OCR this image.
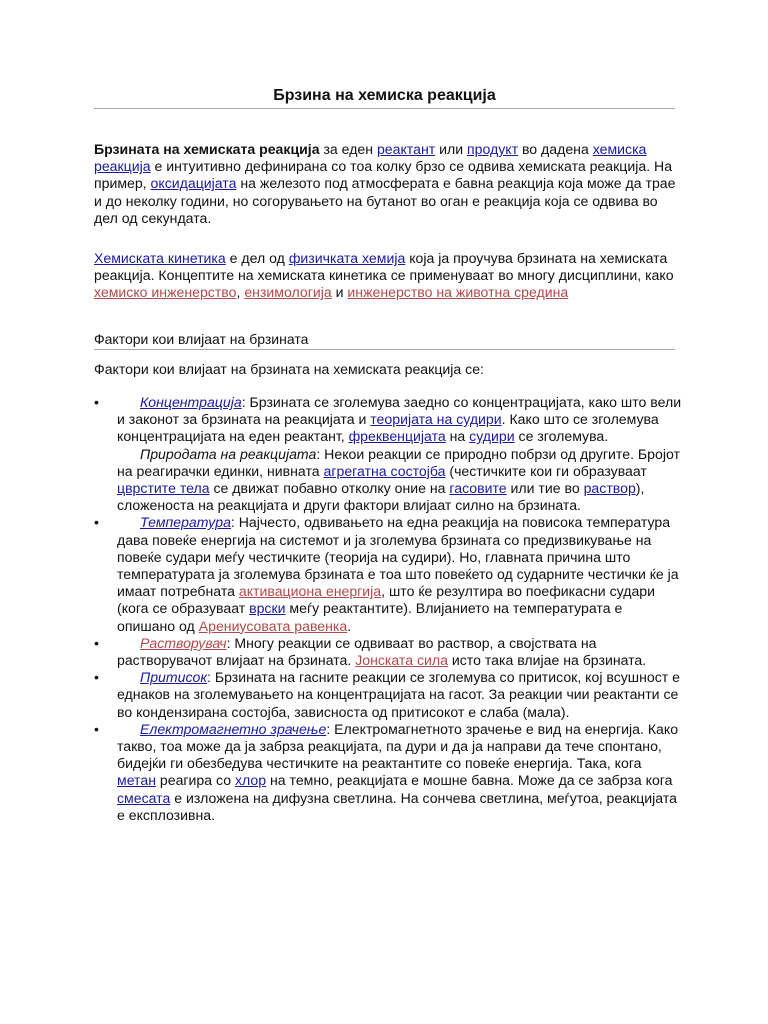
Брзина на хемиска реакција

Брзината на хемиската реакција за еден реактант или продукт во дадена хемиска реакција е интуитивно дефинирана со тоа колку брзо се одвива хемиската реакција. На пример, оксидацијата на железото под атмосферата е бавна реакција која може да трае и до неколку години, но согорувањето на бутанот во оган е реакција која се одвива во дел од секундата.

Хемиската кинетика е дел од физичката хемија која ја проучува брзината на хемиската реакција. Концептите на хемиската кинетика се применуваат во многу дисциплини, како хемиско инженерство, ензимологија и инженерство на животна средина

Фактори кои влијаат на брзината

Фактори кои влијаат на брзината на хемиската реакција се:

•	Концентрација: Брзината се зголемува заедно со концентрацијата, како што вели и законот за брзината на реакцијата и теоријата на судири. Како што се зголемува концентрацијата на еден реактант, фреквенцијата на судири се зголемува.
Природата на реакцијата: Некои реакции се природно побрзи од другите. Бројот на реагирачки единки, нивната агрегатна состојба (честичките кои ги образуваат цврстите тела се движат побавно отколку оние на гасовите или тие во раствор), сложеноста на реакцијата и други фактори влијаат силно на брзината.
•	Температура: Најчесто, одвивањето на една реакција на повисока температура дава повеќе енергија на системот и ја зголемува брзината со предизвикување на повеќе судари меѓу честичките (теорија на судири). Но, главната причина што температурата ја зголемува брзината е тоа што повеќето од сударните честички ќе ја имаат потребната активациона енергија, што ќе резултира во поефикасни судари (кога се образуваат врски меѓу реактантите). Влијанието на температурата е опишано од Арениусовата равенка.
•	Растворувач: Многу реакции се одвиваат во раствор, а својствата на растворувачот влијаат на брзината. Јонската сила исто така влијае на брзината.
•	Притисок: Брзината на гасните реакции се зголемува со притисок, кој всушност е еднаков на зголемувањето на концентрацијата на гасот. За реакции чии реактанти се во кондензирана состојба, зависноста од притисокот е слаба (мала).
•	Електромагнетно зрачење: Електромагнетното зрачење е вид на енергија. Како такво, тоа може да ја забрза реакцијата, па дури и да ја направи да тече спонтано, бидејќи ги обезбедува честичките на реактантите со повеќе енергија. Така, кога метан реагира со хлор на темно, реакцијата е мошне бавна. Може да се забрза кога смесата е изложена на дифузна светлина. На сончева светлина, меѓутоа, реакцијата е експлозивна.
